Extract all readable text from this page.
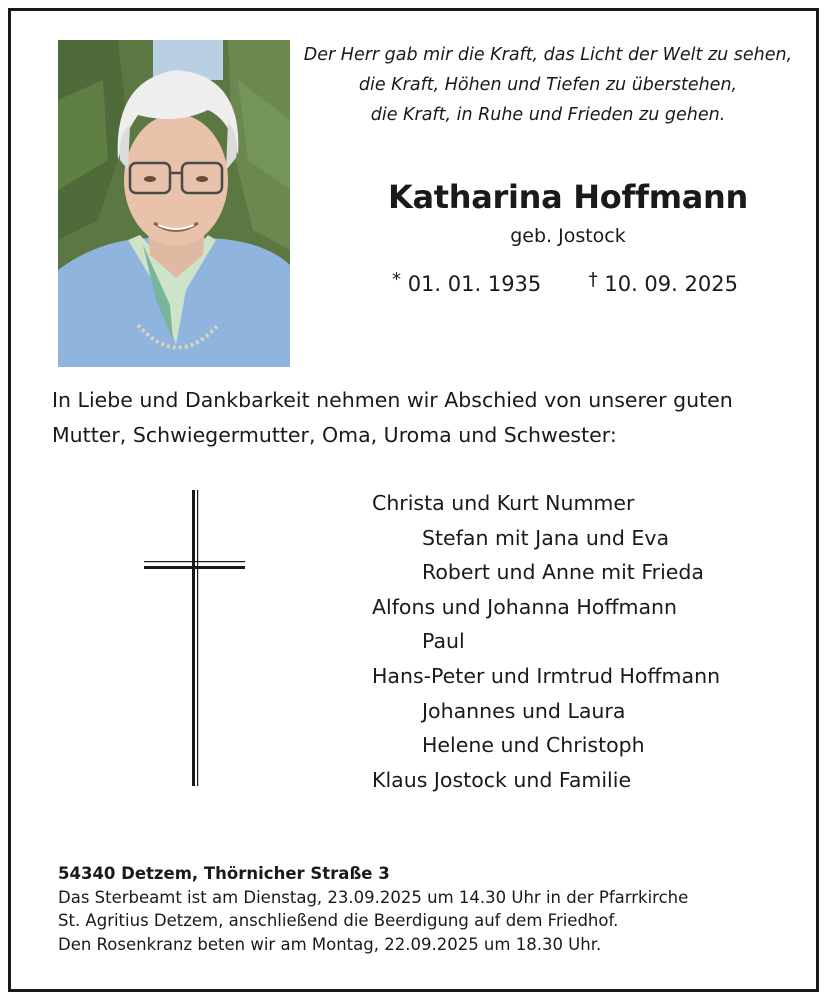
Der Herr gab mir die Kraft, das Licht der Welt zu sehen,
die Kraft, Höhen und Tiefen zu überstehen,
die Kraft, in Ruhe und Frieden zu gehen.
Katharina Hoffmann
geb. Jostock
* 01. 01. 1935	† 10. 09. 2025
In Liebe und Dankbarkeit nehmen wir Abschied von unserer guten
Mutter, Schwiegermutter, Oma, Uroma und Schwester:
Christa und Kurt Nummer
Stefan mit Jana und Eva
Robert und Anne mit Frieda
Alfons und Johanna Hoffmann
Paul
Hans-Peter und Irmtrud Hoffmann
Johannes und Laura
Helene und Christoph
Klaus Jostock und Familie
54340 Detzem, Thörnicher Straße 3
Das Sterbeamt ist am Dienstag, 23.09.2025 um 14.30 Uhr in der Pfarrkirche
St. Agritius Detzem, anschließend die Beerdigung auf dem Friedhof.
Den Rosenkranz beten wir am Montag, 22.09.2025 um 18.30 Uhr.
